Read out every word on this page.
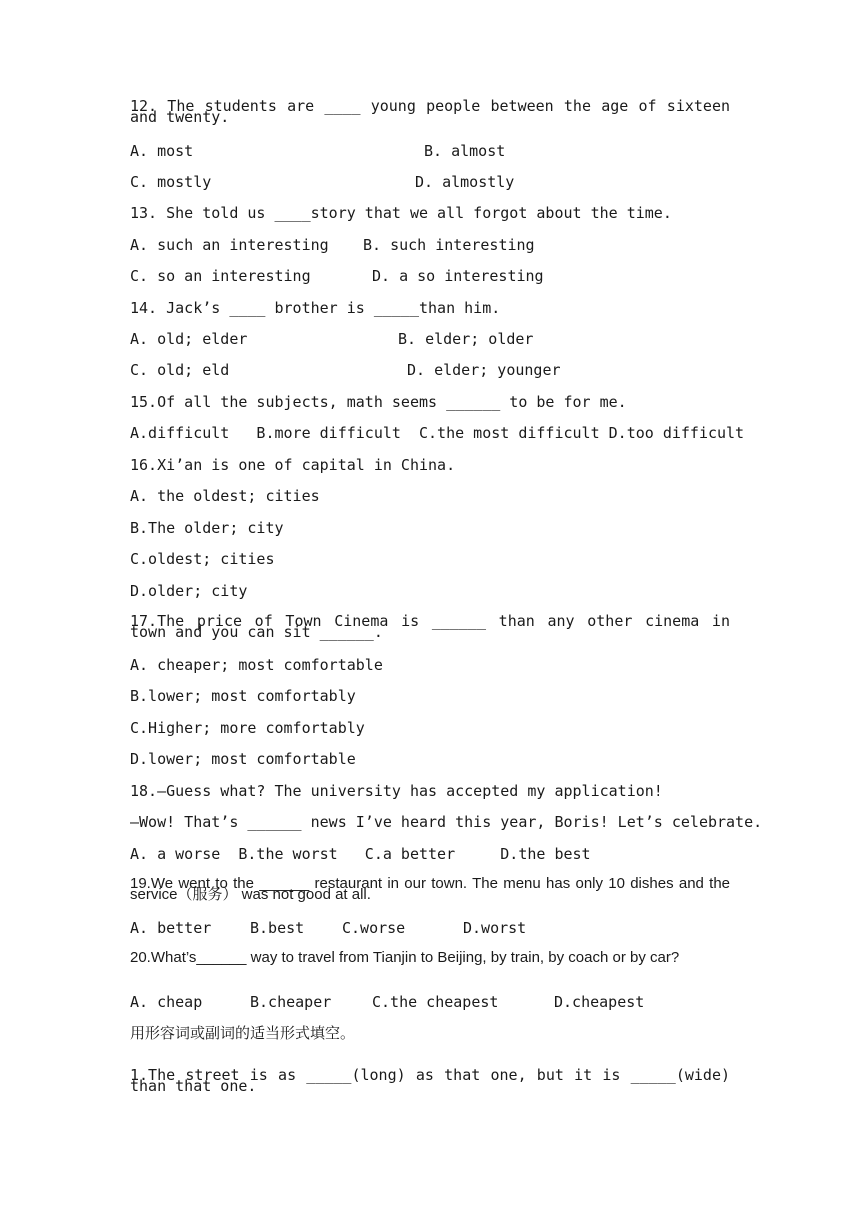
12. The students are ____ young people between the age of sixteen and twenty.
A. most	B. almost
C. mostly	D. almostly
13. She told us ____story that we all forgot about the time.
A. such an interesting B. such interesting
C. so an interesting	D. a so interesting
14. Jack’s ____ brother is _____than him.
A. old; elder	B. elder; older
C. old; eld	D. elder; younger
15.Of all the subjects, math seems ______ to be for me.
A.difficult   B.more difficult  C.the most difficult D.too difficult
16.Xi’an is one of capital in China.
A. the oldest; cities
B.The older; city
C.oldest; cities
D.older; city
17.The price of Town Cinema is ______ than any other cinema in town and you can sit ______.
A. cheaper; most comfortable
B.lower; most comfortably
C.Higher; more comfortably
D.lower; most comfortable
18.—Guess what? The university has accepted my application!
—Wow! That’s ______ news I’ve heard this year, Boris! Let’s celebrate.
A. a worse  B.the worst   C.a better     D.the best
19.We went to the ______ restaurant in our town. The menu has only 10 dishes and the service（服务） was not good at all.
A. better	B.best	C.worse	D.worst
20.What’s______ way to travel from Tianjin to Beijing, by train, by coach or by car?
A. cheap	B.cheaper	C.the cheapest	D.cheapest
用形容词或副词的适当形式填空。
1.The street is as _____(long) as that one, but it is _____(wide) than that one.
